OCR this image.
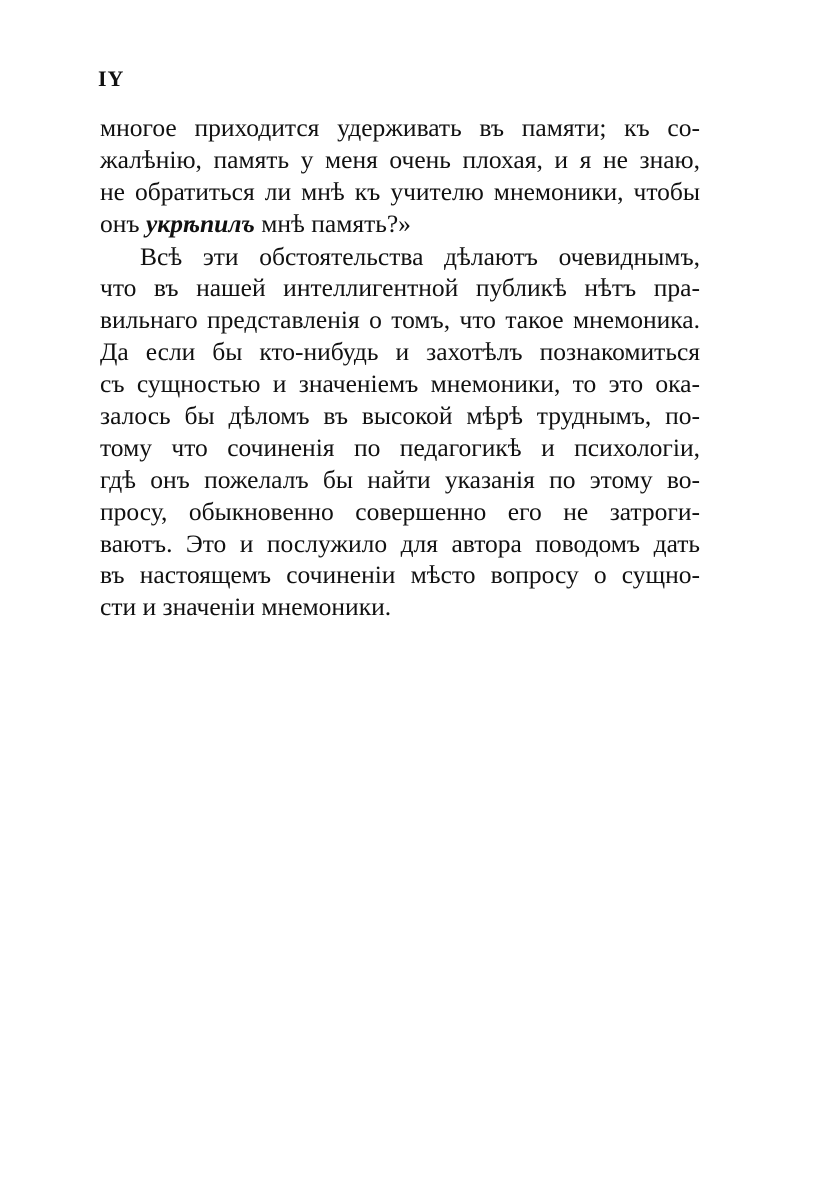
IY
многое приходится удерживать въ памяти; къ со-
жалѣнію, память у меня очень плохая, и я не знаю,
не обратиться ли мнѣ къ учителю мнемоники, чтобы
онъ укрѣпилъ мнѣ память?»
Всѣ эти обстоятельства дѣлаютъ очевиднымъ,
что въ нашей интеллигентной публикѣ нѣтъ пра-
вильнаго представленія о томъ, что такое мнемоника.
Да если бы кто-нибудь и захотѣлъ познакомиться
съ сущностью и значеніемъ мнемоники, то это ока-
залось бы дѣломъ въ высокой мѣрѣ труднымъ, по-
тому что сочиненія по педагогикѣ и психологіи,
гдѣ онъ пожелалъ бы найти указанія по этому во-
просу, обыкновенно совершенно его не затроги-
ваютъ. Это и послужило для автора поводомъ дать
въ настоящемъ сочиненіи мѣсто вопросу о сущно-
сти и значеніи мнемоники.
